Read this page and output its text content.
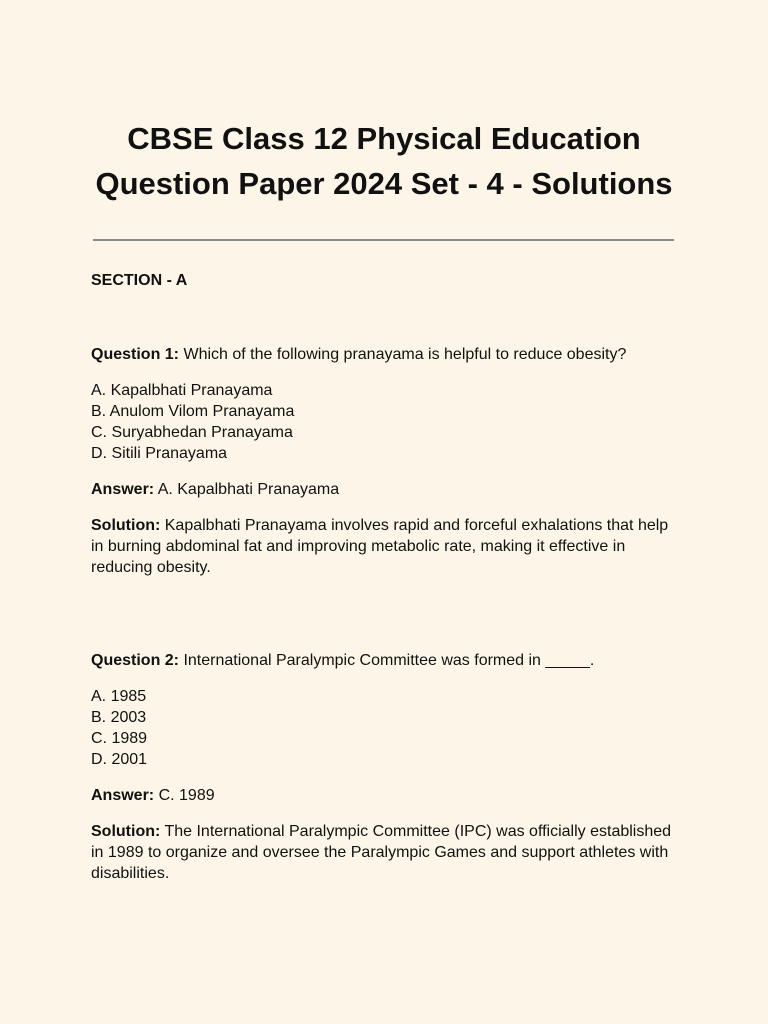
CBSE Class 12 Physical Education
Question Paper 2024 Set - 4 - Solutions

SECTION - A

Question 1: Which of the following pranayama is helpful to reduce obesity?

A. Kapalbhati Pranayama
B. Anulom Vilom Pranayama
C. Suryabhedan Pranayama
D. Sitili Pranayama

Answer: A. Kapalbhati Pranayama

Solution: Kapalbhati Pranayama involves rapid and forceful exhalations that help in burning abdominal fat and improving metabolic rate, making it effective in reducing obesity.

Question 2: International Paralympic Committee was formed in _____.

A. 1985
B. 2003
C. 1989
D. 2001

Answer: C. 1989

Solution: The International Paralympic Committee (IPC) was officially established in 1989 to organize and oversee the Paralympic Games and support athletes with disabilities.
